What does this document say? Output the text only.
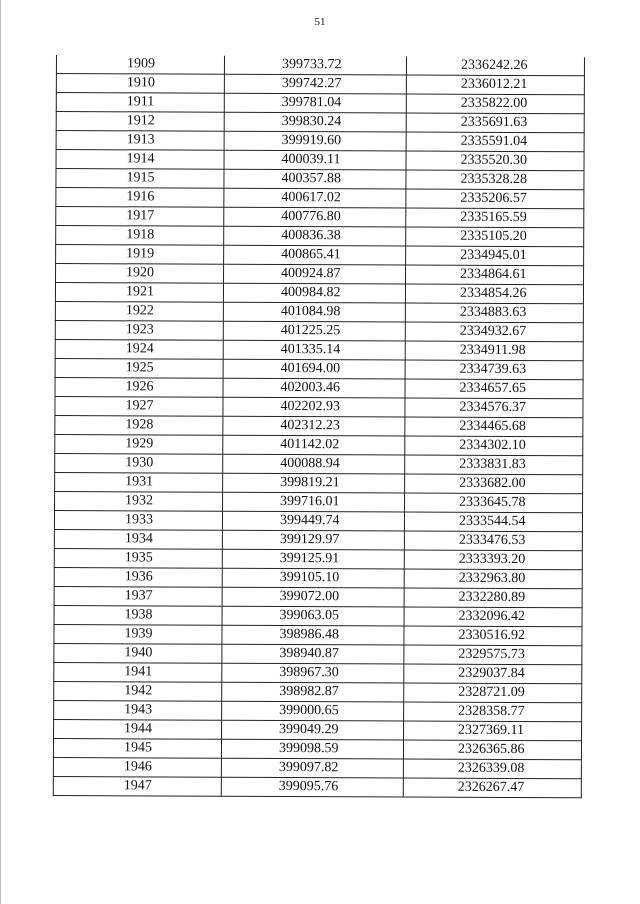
51
1909	399733.72	2336242.26
1910	399742.27	2336012.21
1911	399781.04	2335822.00
1912	399830.24	2335691.63
1913	399919.60	2335591.04
1914	400039.11	2335520.30
1915	400357.88	2335328.28
1916	400617.02	2335206.57
1917	400776.80	2335165.59
1918	400836.38	2335105.20
1919	400865.41	2334945.01
1920	400924.87	2334864.61
1921	400984.82	2334854.26
1922	401084.98	2334883.63
1923	401225.25	2334932.67
1924	401335.14	2334911.98
1925	401694.00	2334739.63
1926	402003.46	2334657.65
1927	402202.93	2334576.37
1928	402312.23	2334465.68
1929	401142.02	2334302.10
1930	400088.94	2333831.83
1931	399819.21	2333682.00
1932	399716.01	2333645.78
1933	399449.74	2333544.54
1934	399129.97	2333476.53
1935	399125.91	2333393.20
1936	399105.10	2332963.80
1937	399072.00	2332280.89
1938	399063.05	2332096.42
1939	398986.48	2330516.92
1940	398940.87	2329575.73
1941	398967.30	2329037.84
1942	398982.87	2328721.09
1943	399000.65	2328358.77
1944	399049.29	2327369.11
1945	399098.59	2326365.86
1946	399097.82	2326339.08
1947	399095.76	2326267.47
